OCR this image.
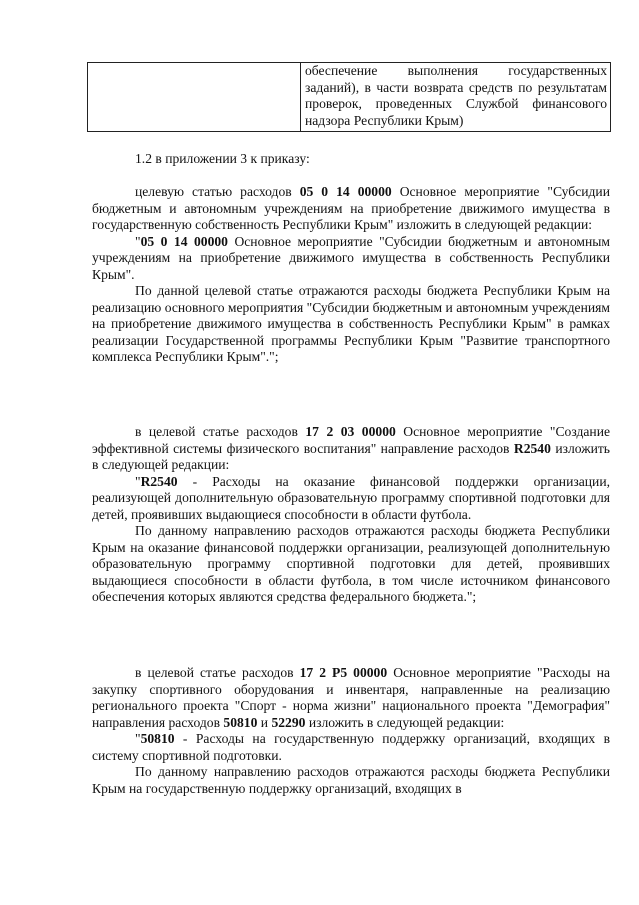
обеспечение выполнения государственных заданий), в части возврата средств по результатам проверок, проведенных Службой финансового надзора Республики Крым)

1.2 в приложении 3 к приказу:

целевую статью расходов 05 0 14 00000 Основное мероприятие "Субсидии бюджетным и автономным учреждениям на приобретение движимого имущества в государственную собственность Республики Крым" изложить в следующей редакции:

"05 0 14 00000 Основное мероприятие "Субсидии бюджетным и автономным учреждениям на приобретение движимого имущества в собственность Республики Крым".

По данной целевой статье отражаются расходы бюджета Республики Крым на реализацию основного мероприятия "Субсидии бюджетным и автономным учреждениям на приобретение движимого имущества в собственность Республики Крым" в рамках реализации Государственной программы Республики Крым "Развитие транспортного комплекса Республики Крым".";

в целевой статье расходов 17 2 03 00000 Основное мероприятие "Создание эффективной системы физического воспитания" направление расходов R2540 изложить в следующей редакции:

"R2540 - Расходы на оказание финансовой поддержки организации, реализующей дополнительную образовательную программу спортивной подготовки для детей, проявивших выдающиеся способности в области футбола.

По данному направлению расходов отражаются расходы бюджета Республики Крым на оказание финансовой поддержки организации, реализующей дополнительную образовательную программу спортивной подготовки для детей, проявивших выдающиеся способности в области футбола, в том числе источником финансового обеспечения которых являются средства федерального бюджета.";

в целевой статье расходов 17 2 P5 00000 Основное мероприятие "Расходы на закупку спортивного оборудования и инвентаря, направленные на реализацию регионального проекта "Спорт - норма жизни" национального проекта "Демография" направления расходов 50810 и 52290 изложить в следующей редакции:

"50810 - Расходы на государственную поддержку организаций, входящих в систему спортивной подготовки.

По данному направлению расходов отражаются расходы бюджета Республики Крым на государственную поддержку организаций, входящих в
